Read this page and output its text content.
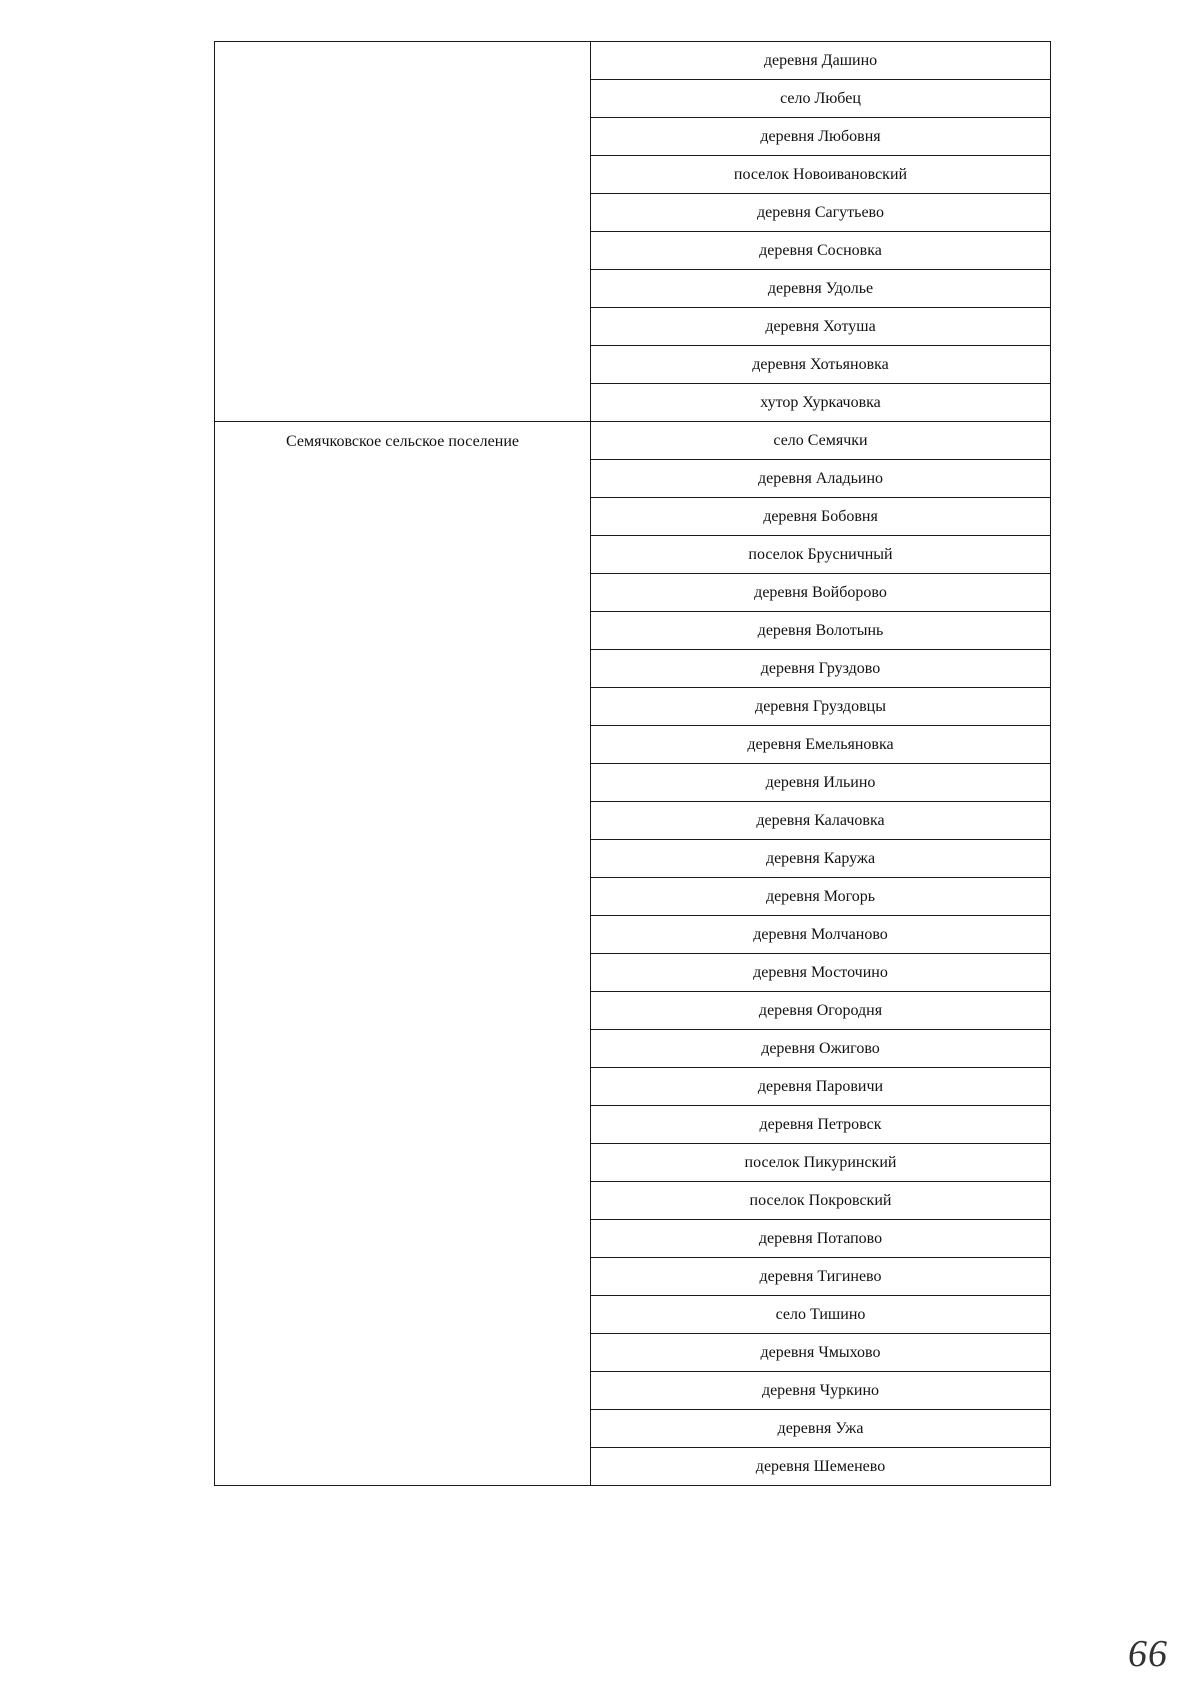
	деревня Дашино
	село Любец
	деревня Любовня
	поселок Новоивановский
	деревня Сагутьево
	деревня Сосновка
	деревня Удолье
	деревня Хотуша
	деревня Хотьяновка
	хутор Хуркачовка

Семячковское сельское поселение	село Семячки
	деревня Аладьино
	деревня Бобовня
	поселок Брусничный
	деревня Войборово
	деревня Волотынь
	деревня Груздово
	деревня Груздовцы
	деревня Емельяновка
	деревня Ильино
	деревня Калачовка
	деревня Каружа
	деревня Могорь
	деревня Молчаново
	деревня Мосточино
	деревня Огородня
	деревня Ожигово
	деревня Паровичи
	деревня Петровск
	поселок Пикуринский
	поселок Покровский
	деревня Потапово
	деревня Тигинево
	село Тишино
	деревня Чмыхово
	деревня Чуркино
	деревня Ужа
	деревня Шеменево
66
